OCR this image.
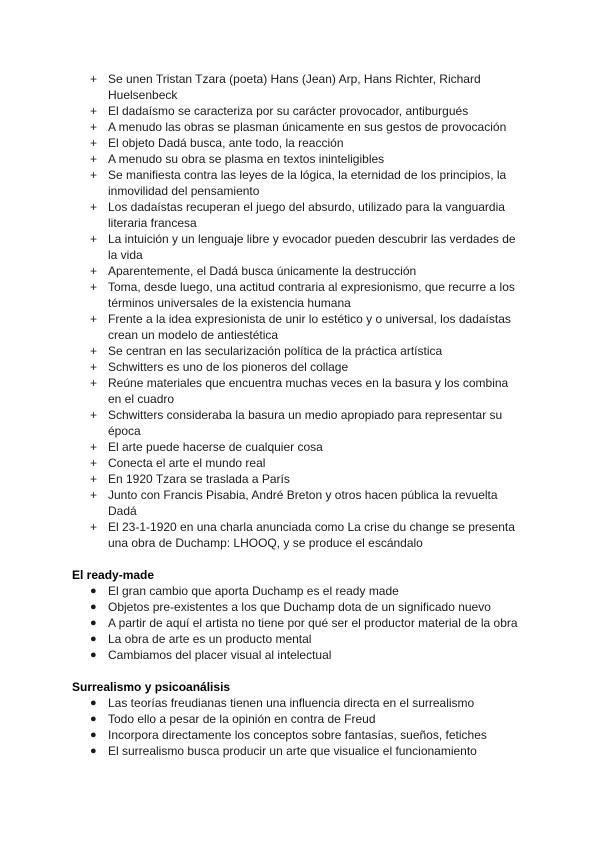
+ Se unen Tristan Tzara (poeta) Hans (Jean) Arp, Hans Richter, Richard Huelsenbeck
+ El dadaísmo se caracteriza por su carácter provocador, antiburgués
+ A menudo las obras se plasman únicamente en sus gestos de provocación
+ El objeto Dadá busca, ante todo, la reacción
+ A menudo su obra se plasma en textos ininteligibles
+ Se manifiesta contra las leyes de la lógica, la eternidad de los principios, la inmovilidad del pensamiento
+ Los dadaístas recuperan el juego del absurdo, utilizado para la vanguardia literaria francesa
+ La intuición y un lenguaje libre y evocador pueden descubrir las verdades de la vida
+ Aparentemente, el Dadá busca únicamente la destrucción
+ Toma, desde luego, una actitud contraria al expresionismo, que recurre a los términos universales de la existencia humana
+ Frente a la idea expresionista de unir lo estético y o universal, los dadaístas crean un modelo de antiestética
+ Se centran en las secularización política de la práctica artística
+ Schwitters es uno de los pioneros del collage
+ Reúne materiales que encuentra muchas veces en la basura y los combina en el cuadro
+ Schwitters consideraba la basura un medio apropiado para representar su época
+ El arte puede hacerse de cualquier cosa
+ Conecta el arte el mundo real
+ En 1920 Tzara se traslada a París
+ Junto con Francis Pisabia, André Breton y otros hacen pública la revuelta Dadá
+ El 23-1-1920 en una charla anunciada como La crise du change se presenta una obra de Duchamp: LHOOQ, y se produce el escándalo
El ready-made
● El gran cambio que aporta Duchamp es el ready made
● Objetos pre-existentes a los que Duchamp dota de un significado nuevo
● A partir de aquí el artista no tiene por qué ser el productor material de la obra
● La obra de arte es un producto mental
● Cambiamos del placer visual al intelectual
Surrealismo y psicoanálisis
● Las teorías freudianas tienen una influencia directa en el surrealismo
● Todo ello a pesar de la opinión en contra de Freud
● Incorpora directamente los conceptos sobre fantasías, sueños, fetiches
● El surrealismo busca producir un arte que visualice el funcionamiento
